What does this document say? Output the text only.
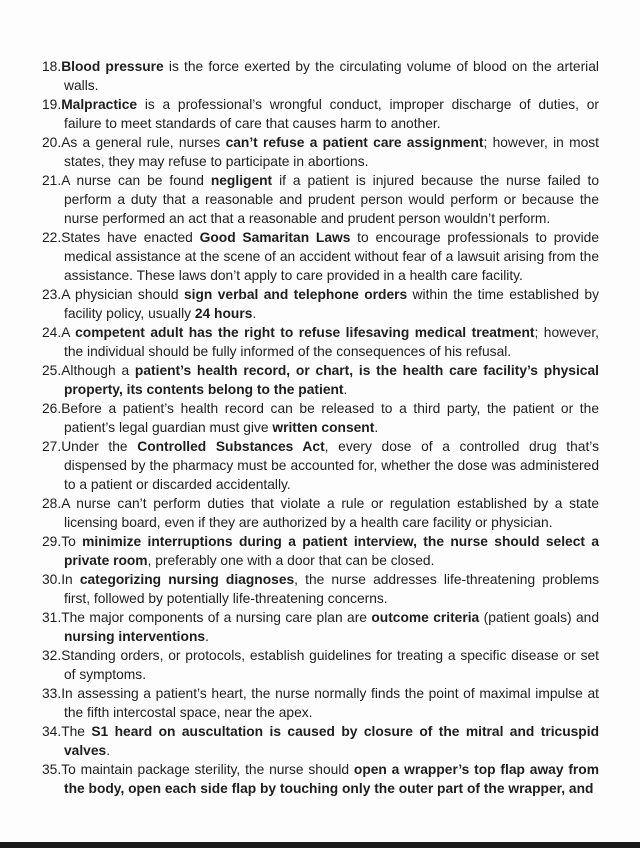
18.Blood pressure is the force exerted by the circulating volume of blood on the arterial walls.
19.Malpractice is a professional’s wrongful conduct, improper discharge of duties, or failure to meet standards of care that causes harm to another.
20.As a general rule, nurses can’t refuse a patient care assignment; however, in most states, they may refuse to participate in abortions.
21.A nurse can be found negligent if a patient is injured because the nurse failed to perform a duty that a reasonable and prudent person would perform or because the nurse performed an act that a reasonable and prudent person wouldn’t perform.
22.States have enacted Good Samaritan Laws to encourage professionals to provide medical assistance at the scene of an accident without fear of a lawsuit arising from the assistance. These laws don’t apply to care provided in a health care facility.
23.A physician should sign verbal and telephone orders within the time established by facility policy, usually 24 hours.
24.A competent adult has the right to refuse lifesaving medical treatment; however, the individual should be fully informed of the consequences of his refusal.
25.Although a patient’s health record, or chart, is the health care facility’s physical property, its contents belong to the patient.
26.Before a patient’s health record can be released to a third party, the patient or the patient’s legal guardian must give written consent.
27.Under the Controlled Substances Act, every dose of a controlled drug that’s dispensed by the pharmacy must be accounted for, whether the dose was administered to a patient or discarded accidentally.
28.A nurse can’t perform duties that violate a rule or regulation established by a state licensing board, even if they are authorized by a health care facility or physician.
29.To minimize interruptions during a patient interview, the nurse should select a private room, preferably one with a door that can be closed.
30.In categorizing nursing diagnoses, the nurse addresses life-threatening problems first, followed by potentially life-threatening concerns.
31.The major components of a nursing care plan are outcome criteria (patient goals) and nursing interventions.
32.Standing orders, or protocols, establish guidelines for treating a specific disease or set of symptoms.
33.In assessing a patient’s heart, the nurse normally finds the point of maximal impulse at the fifth intercostal space, near the apex.
34.The S1 heard on auscultation is caused by closure of the mitral and tricuspid valves.
35.To maintain package sterility, the nurse should open a wrapper’s top flap away from the body, open each side flap by touching only the outer part of the wrapper, and
